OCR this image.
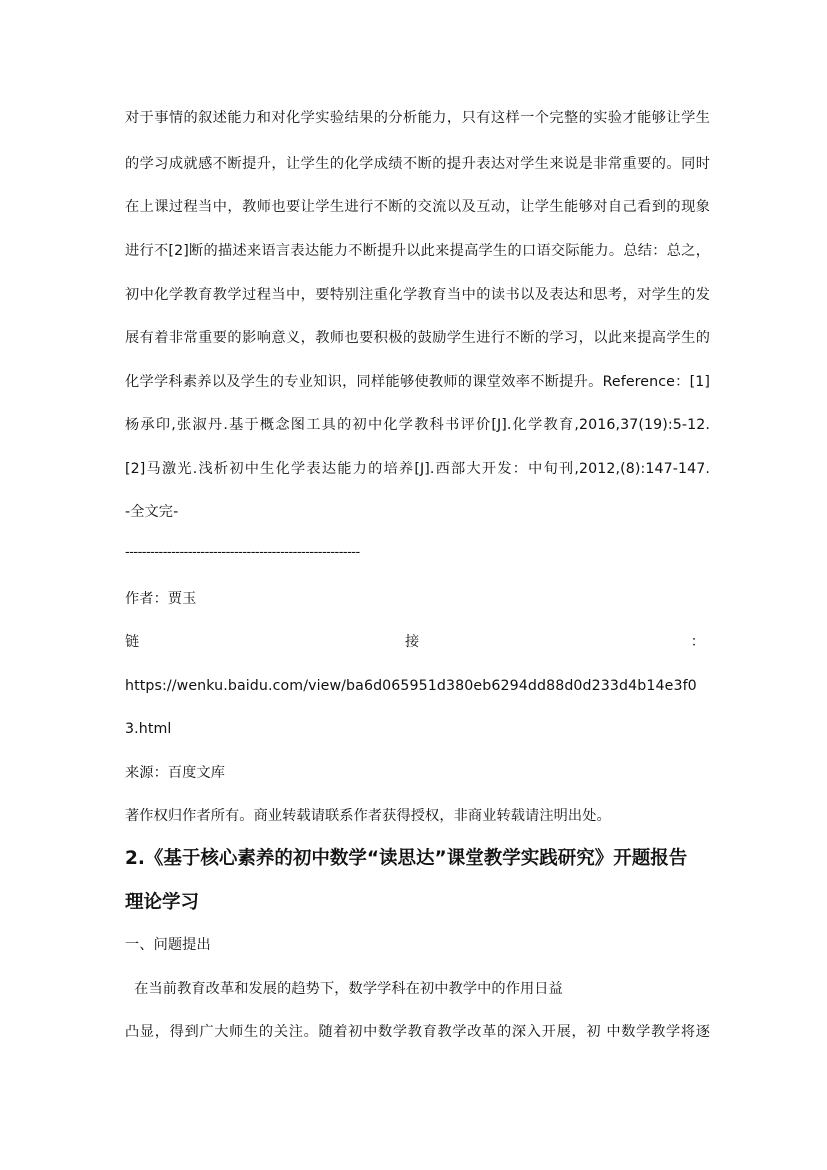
对于事情的叙述能力和对化学实验结果的分析能力，只有这样一个完整的实验才能够让学生
的学习成就感不断提升，让学生的化学成绩不断的提升表达对学生来说是非常重要的。同时
在上课过程当中，教师也要让学生进行不断的交流以及互动，让学生能够对自己看到的现象
进行不[2]断的描述来语言表达能力不断提升以此来提高学生的口语交际能力。总结：总之，
初中化学教育教学过程当中，要特别注重化学教育当中的读书以及表达和思考，对学生的发
展有着非常重要的影响意义，教师也要积极的鼓励学生进行不断的学习，以此来提高学生的
化学学科素养以及学生的专业知识，同样能够使教师的课堂效率不断提升。Reference：[1]
杨承印,张淑丹.基于概念图工具的初中化学教科书评价[J].化学教育,2016,37(19):5-12.
[2]马激光.浅析初中生化学表达能力的培养[J].西部大开发：中旬刊,2012,(8):147-147.
-全文完-
--------------------------------------------------------
作者：贾玉
链	接	：
https://wenku.baidu.com/view/ba6d065951d380eb6294dd88d0d233d4b14e3f0
3.html
来源：百度文库
著作权归作者所有。商业转载请联系作者获得授权，非商业转载请注明出处。
2.《基于核心素养的初中数学“读思达”课堂教学实践研究》开题报告
理论学习
一、问题提出
在当前教育改革和发展的趋势下，数学学科在初中教学中的作用日益
凸显，得到广大师生的关注。随着初中数学教育教学改革的深入开展，初 中数学教学将逐
